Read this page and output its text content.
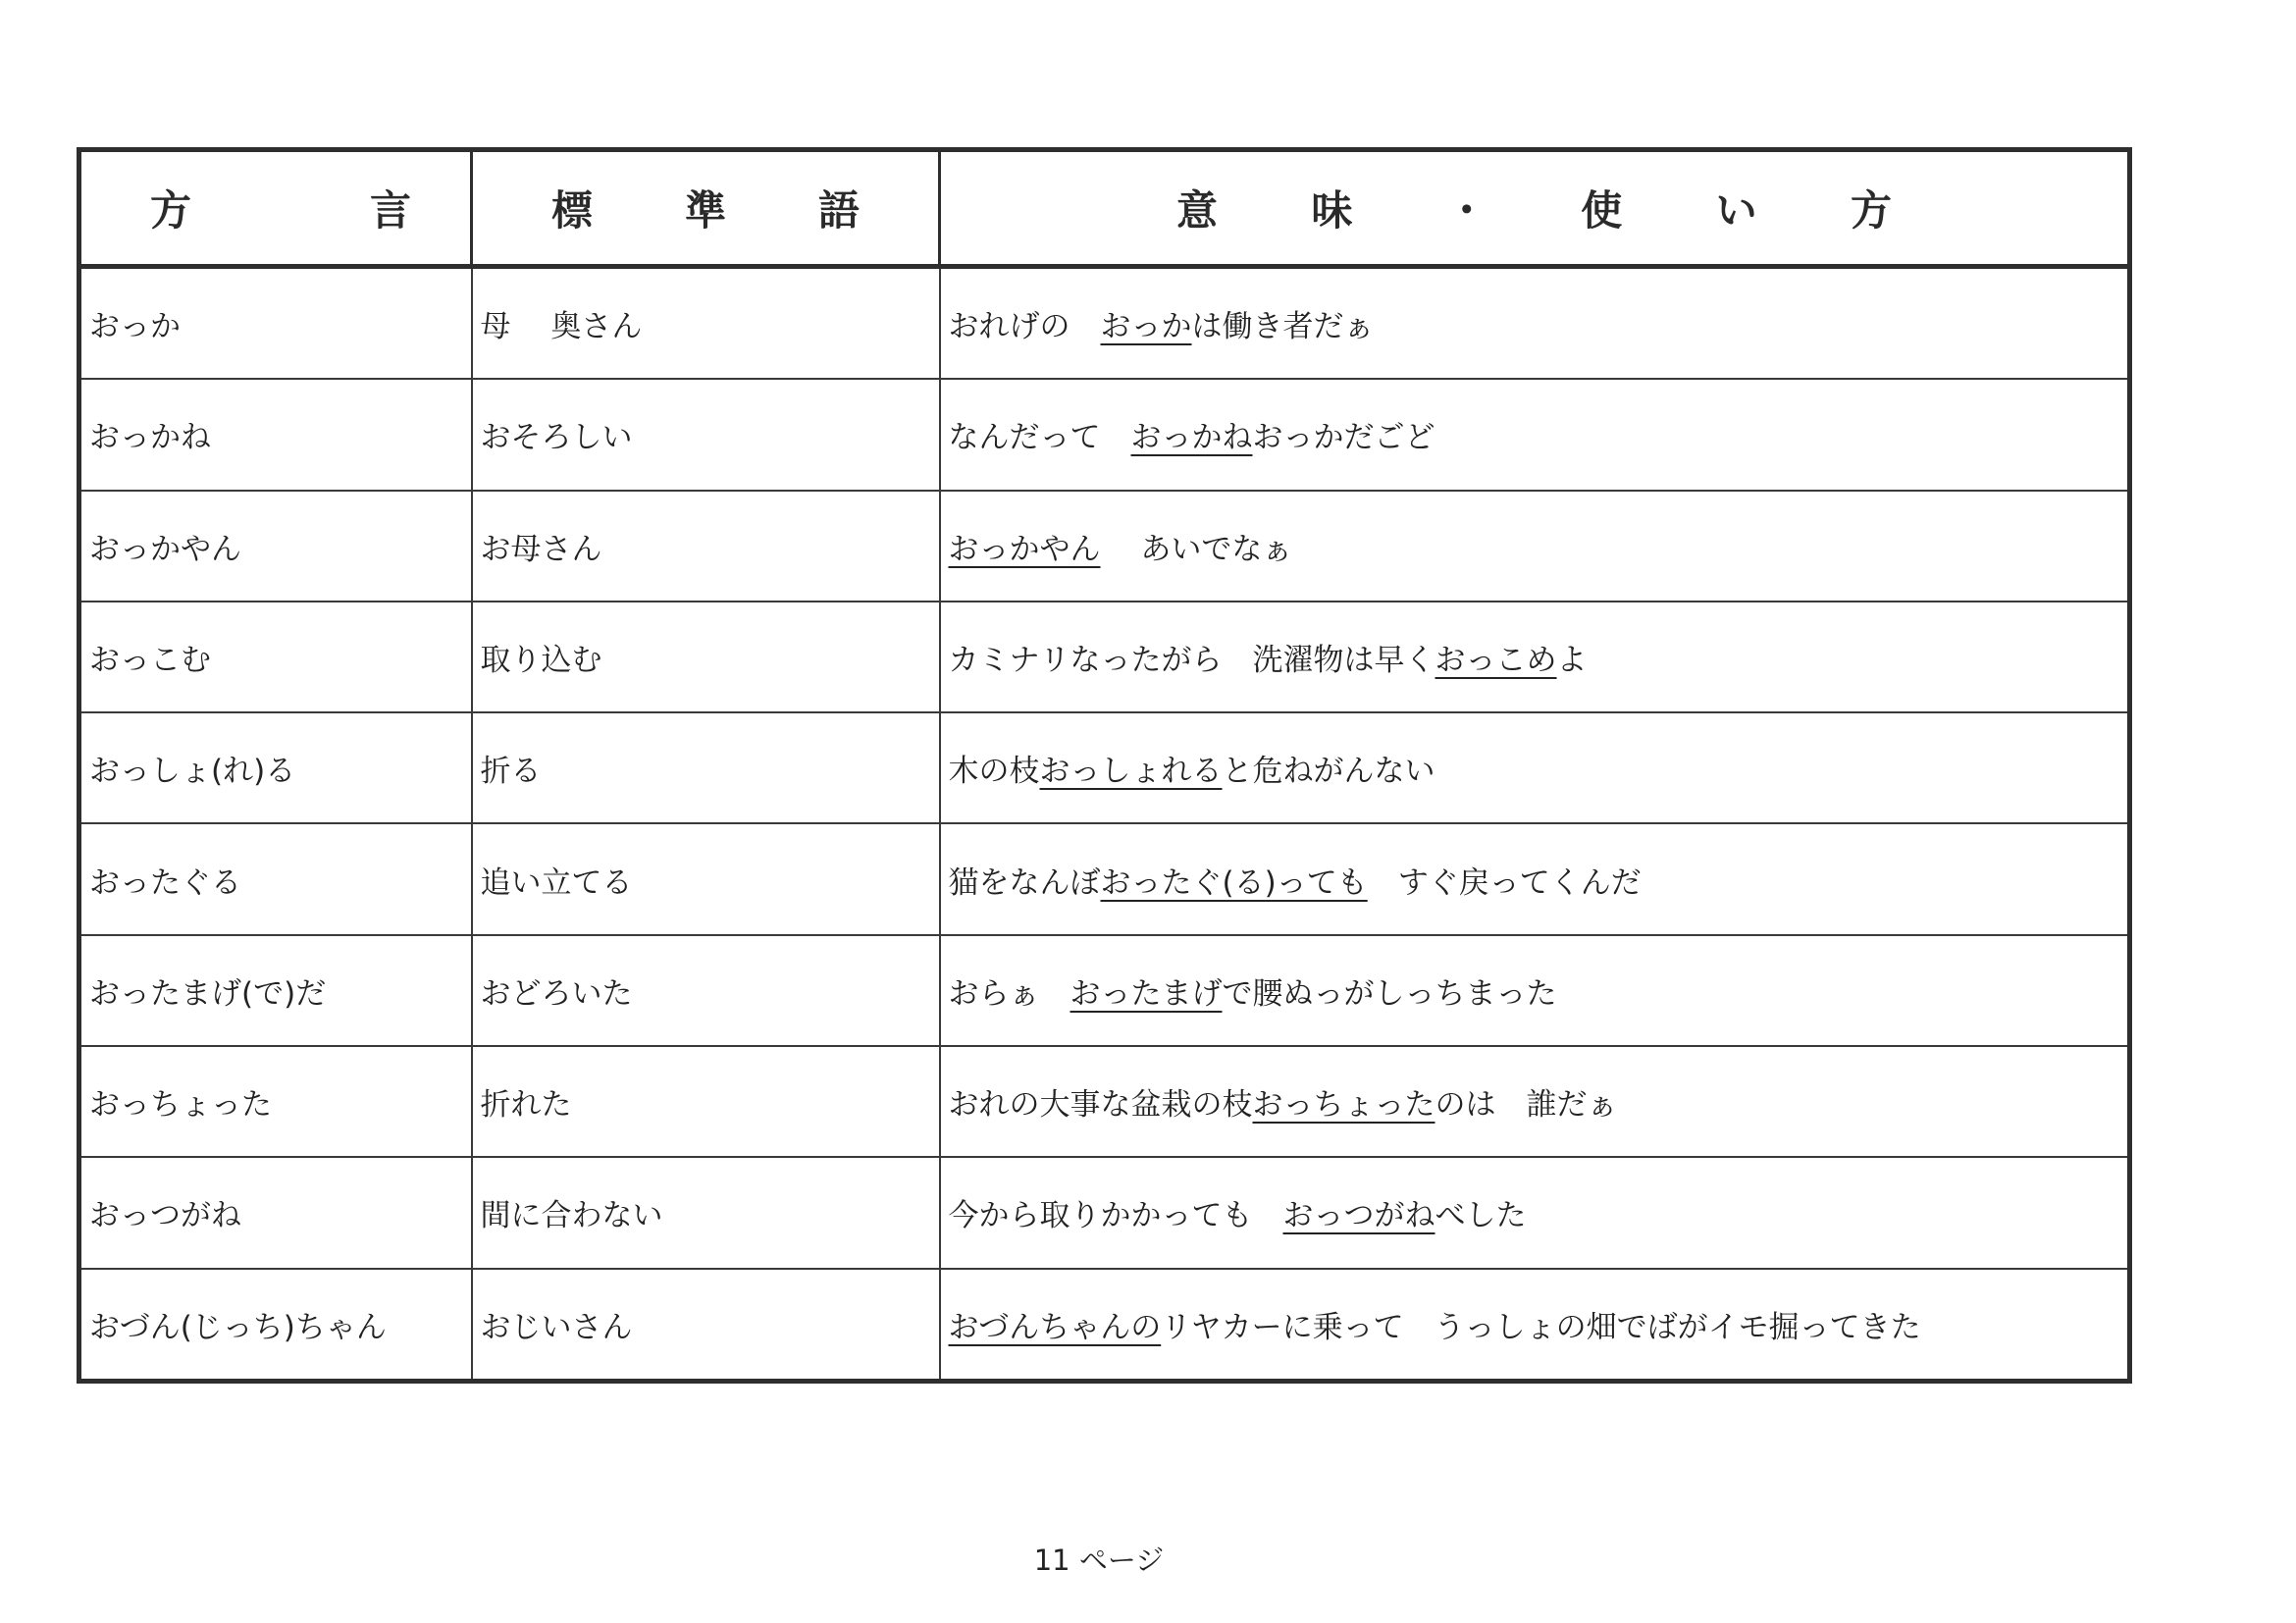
方　　言	標　準　語	意　味　・　使　い　方

おっか	母　 奥さん	おれげの　おっかは働き者だぁ
おっかね	おそろしい	なんだって　おっかねおっかだごど
おっかやん	お母さん	おっかやん　 あいでなぁ
おっこむ	取り込む	カミナリなったがら　洗濯物は早くおっこめよ
おっしょ(れ)る	折る	木の枝おっしょれると危ねがんない
おったぐる	追い立てる	猫をなんぼおったぐ(る)っても　すぐ戻ってくんだ
おったまげ(で)だ	おどろいた	おらぁ　おったまげで腰ぬっがしっちまった
おっちょった	折れた	おれの大事な盆栽の枝おっちょったのは　誰だぁ
おっつがね	間に合わない	今から取りかかっても　おっつがねべした
おづん(じっち)ちゃん	おじいさん	おづんちゃんのリヤカーに乗って　うっしょの畑でばがイモ掘ってきた
11 ページ
